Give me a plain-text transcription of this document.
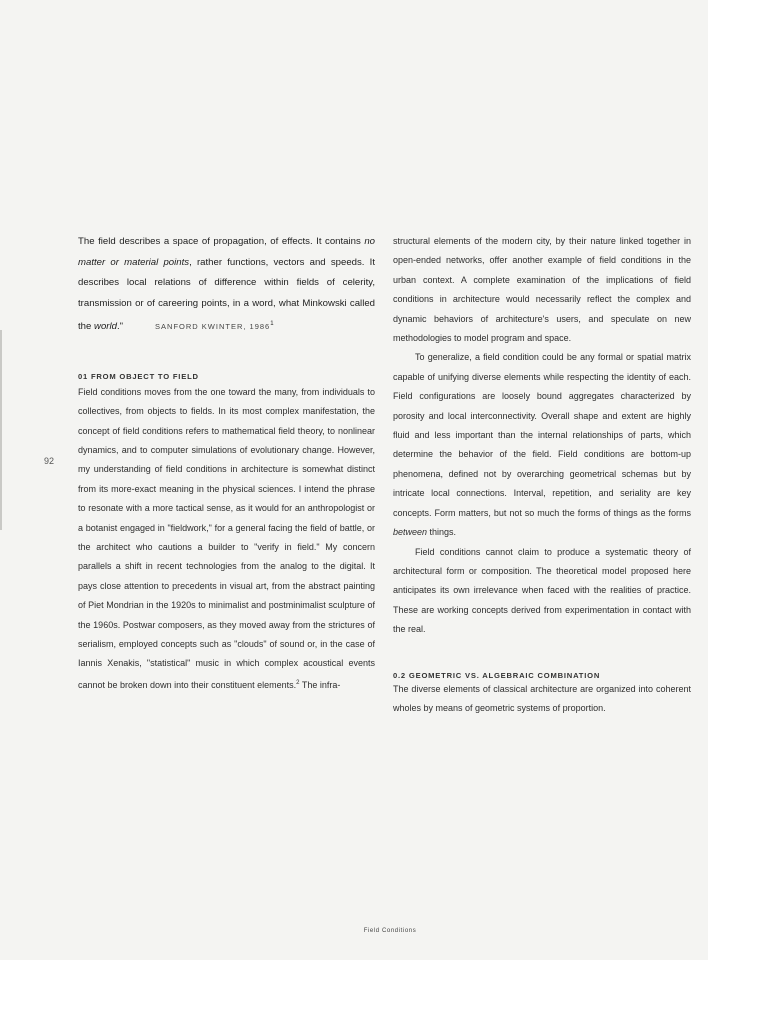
92

The field describes a space of propagation, of effects. It contains no matter or material points, rather functions, vectors and speeds. It describes local relations of difference within fields of celerity, transmission or of careering points, in a word, what Minkowski called the world."	SANFORD KWINTER, 1986$^1$

01 FROM OBJECT TO FIELD

Field conditions moves from the one toward the many, from individuals to collectives, from objects to fields. In its most complex manifestation, the concept of field conditions refers to mathematical field theory, to nonlinear dynamics, and to computer simulations of evolutionary change. However, my understanding of field conditions in architecture is somewhat distinct from its more-exact meaning in the physical sciences. I intend the phrase to resonate with a more tactical sense, as it would for an anthropologist or a botanist engaged in "fieldwork," for a general facing the field of battle, or the architect who cautions a builder to "verify in field." My concern parallels a shift in recent technologies from the analog to the digital. It pays close attention to precedents in visual art, from the abstract painting of Piet Mondrian in the 1920s to minimalist and postminimalist sculpture of the 1960s. Postwar composers, as they moved away from the strictures of serialism, employed concepts such as "clouds" of sound or, in the case of Iannis Xenakis, "statistical" music in which complex acoustical events cannot be broken down into their constituent elements.$^2$ The infra-

structural elements of the modern city, by their nature linked together in open-ended networks, offer another example of field conditions in the urban context. A complete examination of the implications of field conditions in architecture would necessarily reflect the complex and dynamic behaviors of architecture's users, and speculate on new methodologies to model program and space.

To generalize, a field condition could be any formal or spatial matrix capable of unifying diverse elements while respecting the identity of each. Field configurations are loosely bound aggregates characterized by porosity and local interconnectivity. Overall shape and extent are highly fluid and less important than the internal relationships of parts, which determine the behavior of the field. Field conditions are bottom-up phenomena, defined not by overarching geometrical schemas but by intricate local connections. Interval, repetition, and seriality are key concepts. Form matters, but not so much the forms of things as the forms between things.

Field conditions cannot claim to produce a systematic theory of architectural form or composition. The theoretical model proposed here anticipates its own irrelevance when faced with the realities of practice. These are working concepts derived from experimentation in contact with the real.

0.2 GEOMETRIC VS. ALGEBRAIC COMBINATION

The diverse elements of classical architecture are organized into coherent wholes by means of geometric systems of proportion.

Field Conditions
